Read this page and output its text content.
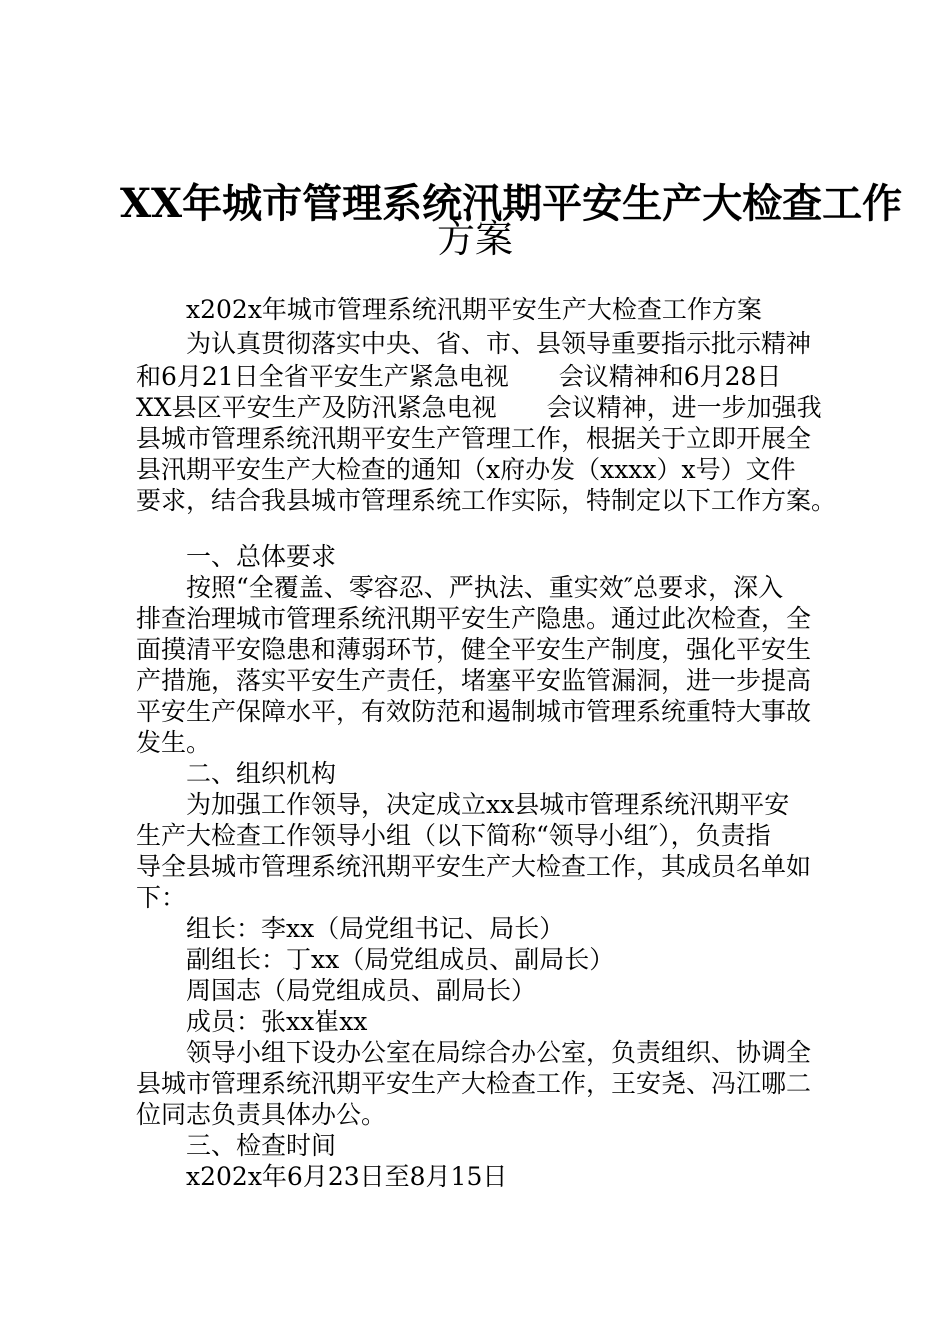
XX年城市管理系统汛期平安生产大检查工作
方案
x202x年城市管理系统汛期平安生产大检查工作方案
为认真贯彻落实中央、省、市、县领导重要指示批示精神
和6月21日全省平安生产紧急电视　　会议精神和6月28日
XX县区平安生产及防汛紧急电视　　会议精神，进一步加强我
县城市管理系统汛期平安生产管理工作，根据关于立即开展全
县汛期平安生产大检查的通知（x府办发（xxxx）x号）文件
要求，结合我县城市管理系统工作实际，特制定以下工作方案。
一、总体要求
按照“全覆盖、零容忍、严执法、重实效″总要求，深入
排查治理城市管理系统汛期平安生产隐患。通过此次检查，全
面摸清平安隐患和薄弱环节，健全平安生产制度，强化平安生
产措施，落实平安生产责任，堵塞平安监管漏洞，进一步提高
平安生产保障水平，有效防范和遏制城市管理系统重特大事故
发生。
二、组织机构
为加强工作领导，决定成立xx县城市管理系统汛期平安
生产大检查工作领导小组（以下简称“领导小组″），负责指
导全县城市管理系统汛期平安生产大检查工作，其成员名单如
下：
组长：李xx（局党组书记、局长）
副组长：丁xx（局党组成员、副局长）
周国志（局党组成员、副局长）
成员：张xx崔xx
领导小组下设办公室在局综合办公室，负责组织、协调全
县城市管理系统汛期平安生产大检查工作，王安尧、冯江哪二
位同志负责具体办公。
三、检查时间
x202x年6月23日至8月15日
